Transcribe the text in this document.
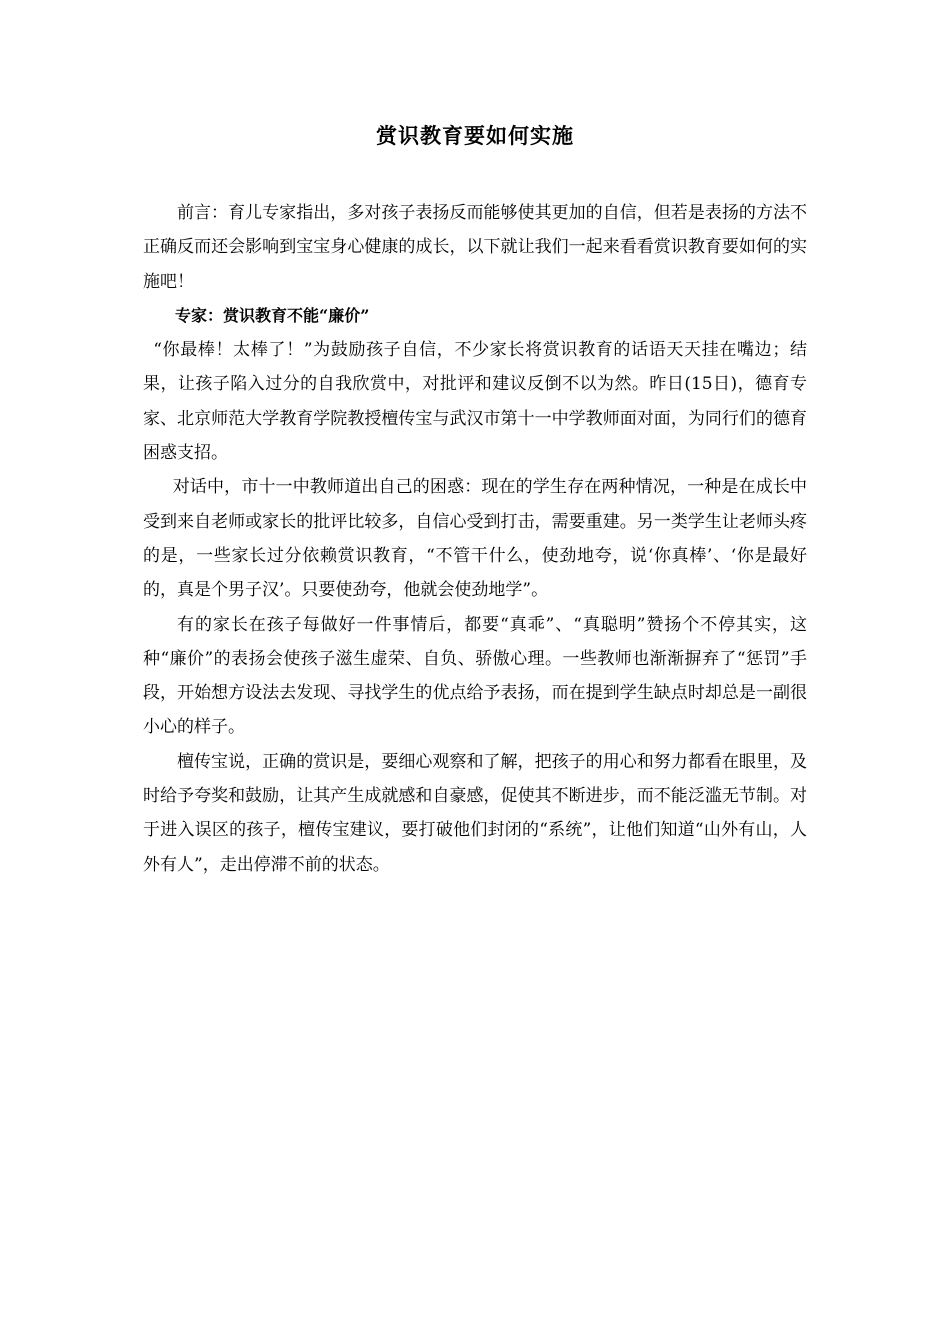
赏识教育要如何实施

前言：育儿专家指出，多对孩子表扬反而能够使其更加的自信，但若是表扬的方法不正确反而还会影响到宝宝身心健康的成长，以下就让我们一起来看看赏识教育要如何的实施吧！

专家：赏识教育不能“廉价”

“你最棒！太棒了！”为鼓励孩子自信，不少家长将赏识教育的话语天天挂在嘴边；结果，让孩子陷入过分的自我欣赏中，对批评和建议反倒不以为然。昨日(15日)，德育专家、北京师范大学教育学院教授檀传宝与武汉市第十一中学教师面对面，为同行们的德育困惑支招。

对话中，市十一中教师道出自己的困惑：现在的学生存在两种情况，一种是在成长中受到来自老师或家长的批评比较多，自信心受到打击，需要重建。另一类学生让老师头疼的是，一些家长过分依赖赏识教育，“不管干什么，使劲地夸，说‘你真棒’、‘你是最好的，真是个男子汉’。只要使劲夸，他就会使劲地学”。

有的家长在孩子每做好一件事情后，都要“真乖”、“真聪明”赞扬个不停其实，这种“廉价”的表扬会使孩子滋生虚荣、自负、骄傲心理。一些教师也渐渐摒弃了“惩罚”手段，开始想方设法去发现、寻找学生的优点给予表扬，而在提到学生缺点时却总是一副很小心的样子。

檀传宝说，正确的赏识是，要细心观察和了解，把孩子的用心和努力都看在眼里，及时给予夸奖和鼓励，让其产生成就感和自豪感，促使其不断进步，而不能泛滥无节制。对于进入误区的孩子，檀传宝建议，要打破他们封闭的“系统”，让他们知道“山外有山，人外有人”，走出停滞不前的状态。
